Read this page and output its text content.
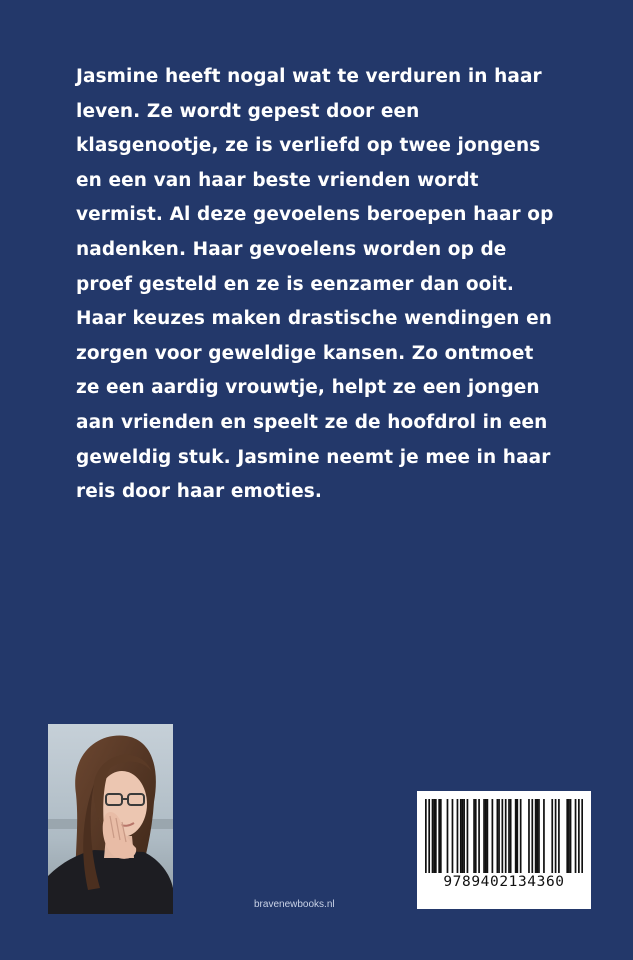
Jasmine heeft nogal wat te verduren in haar
leven. Ze wordt gepest door een
klasgenootje, ze is verliefd op twee jongens
en een van haar beste vrienden wordt
vermist. Al deze gevoelens beroepen haar op
nadenken. Haar gevoelens worden op de
proef gesteld en ze is eenzamer dan ooit.
Haar keuzes maken drastische wendingen en
zorgen voor geweldige kansen. Zo ontmoet
ze een aardig vrouwtje, helpt ze een jongen
aan vrienden en speelt ze de hoofdrol in een
geweldig stuk. Jasmine neemt je mee in haar
reis door haar emoties.
bravenewbooks.nl
9789402134360
